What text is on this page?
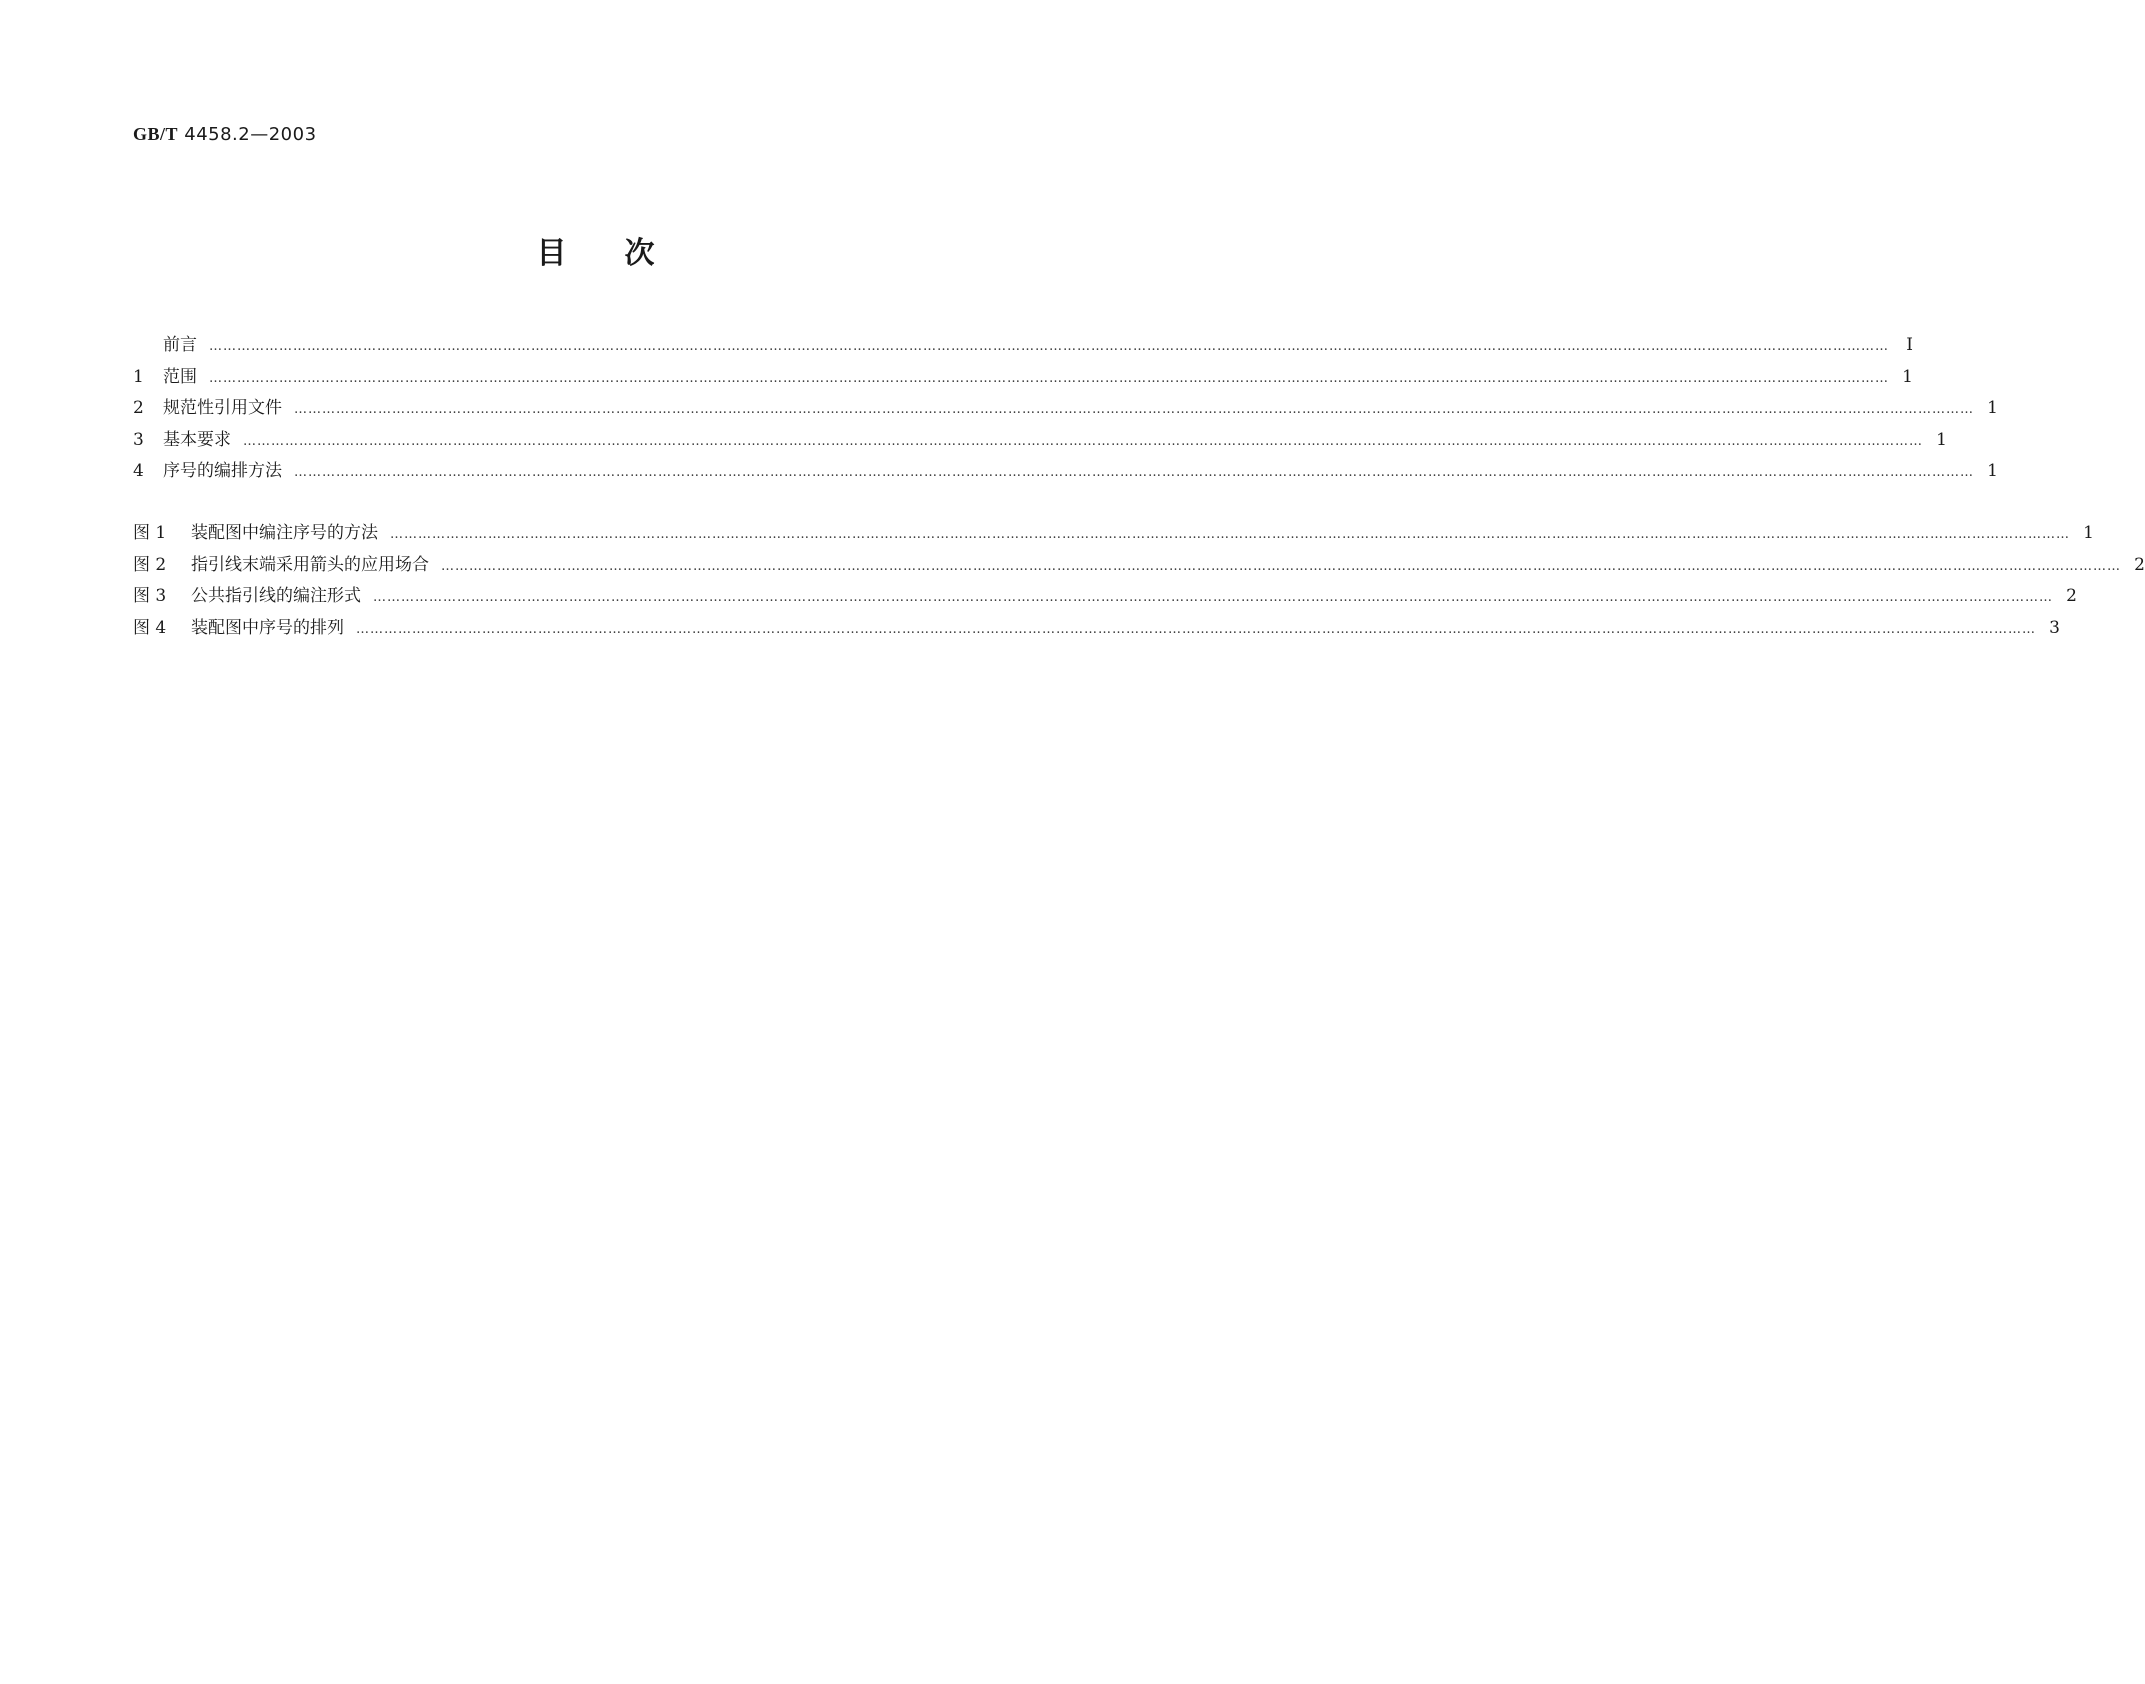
GB/T 4458.2—2003
目次
前言 ………………………………………………………………………………………………………………………………………………………………………………………………………………………………………………………………………………………………………………………………	I
1 范围 ……………………………………………………………………………………………………………………………………………………………………………………………………………………………………………………………………………………………………………………………… 1
2 规范性引用文件 ……………………………………………………………………………………………………………………………………………………………………………………………………………………………………………………………………………………………………………………………… 1
3 基本要求 ……………………………………………………………………………………………………………………………………………………………………………………………………………………………………………………………………………………………………………………………… 1
4 序号的编排方法 ……………………………………………………………………………………………………………………………………………………………………………………………………………………………………………………………………………………………………………………………… 1
图 1 装配图中编注序号的方法 ……………………………………………………………………………………………………………………………………………………………………………………………………………………………………………………………………………………………………………………………… 1
图 2 指引线末端采用箭头的应用场合 ……………………………………………………………………………………………………………………………………………………………………………………………………………………………………………………………………………………………………………………………… 2
图 3 公共指引线的编注形式 ……………………………………………………………………………………………………………………………………………………………………………………………………………………………………………………………………………………………………………………………… 2
图 4 装配图中序号的排列 ……………………………………………………………………………………………………………………………………………………………………………………………………………………………………………………………………………………………………………………………… 3
